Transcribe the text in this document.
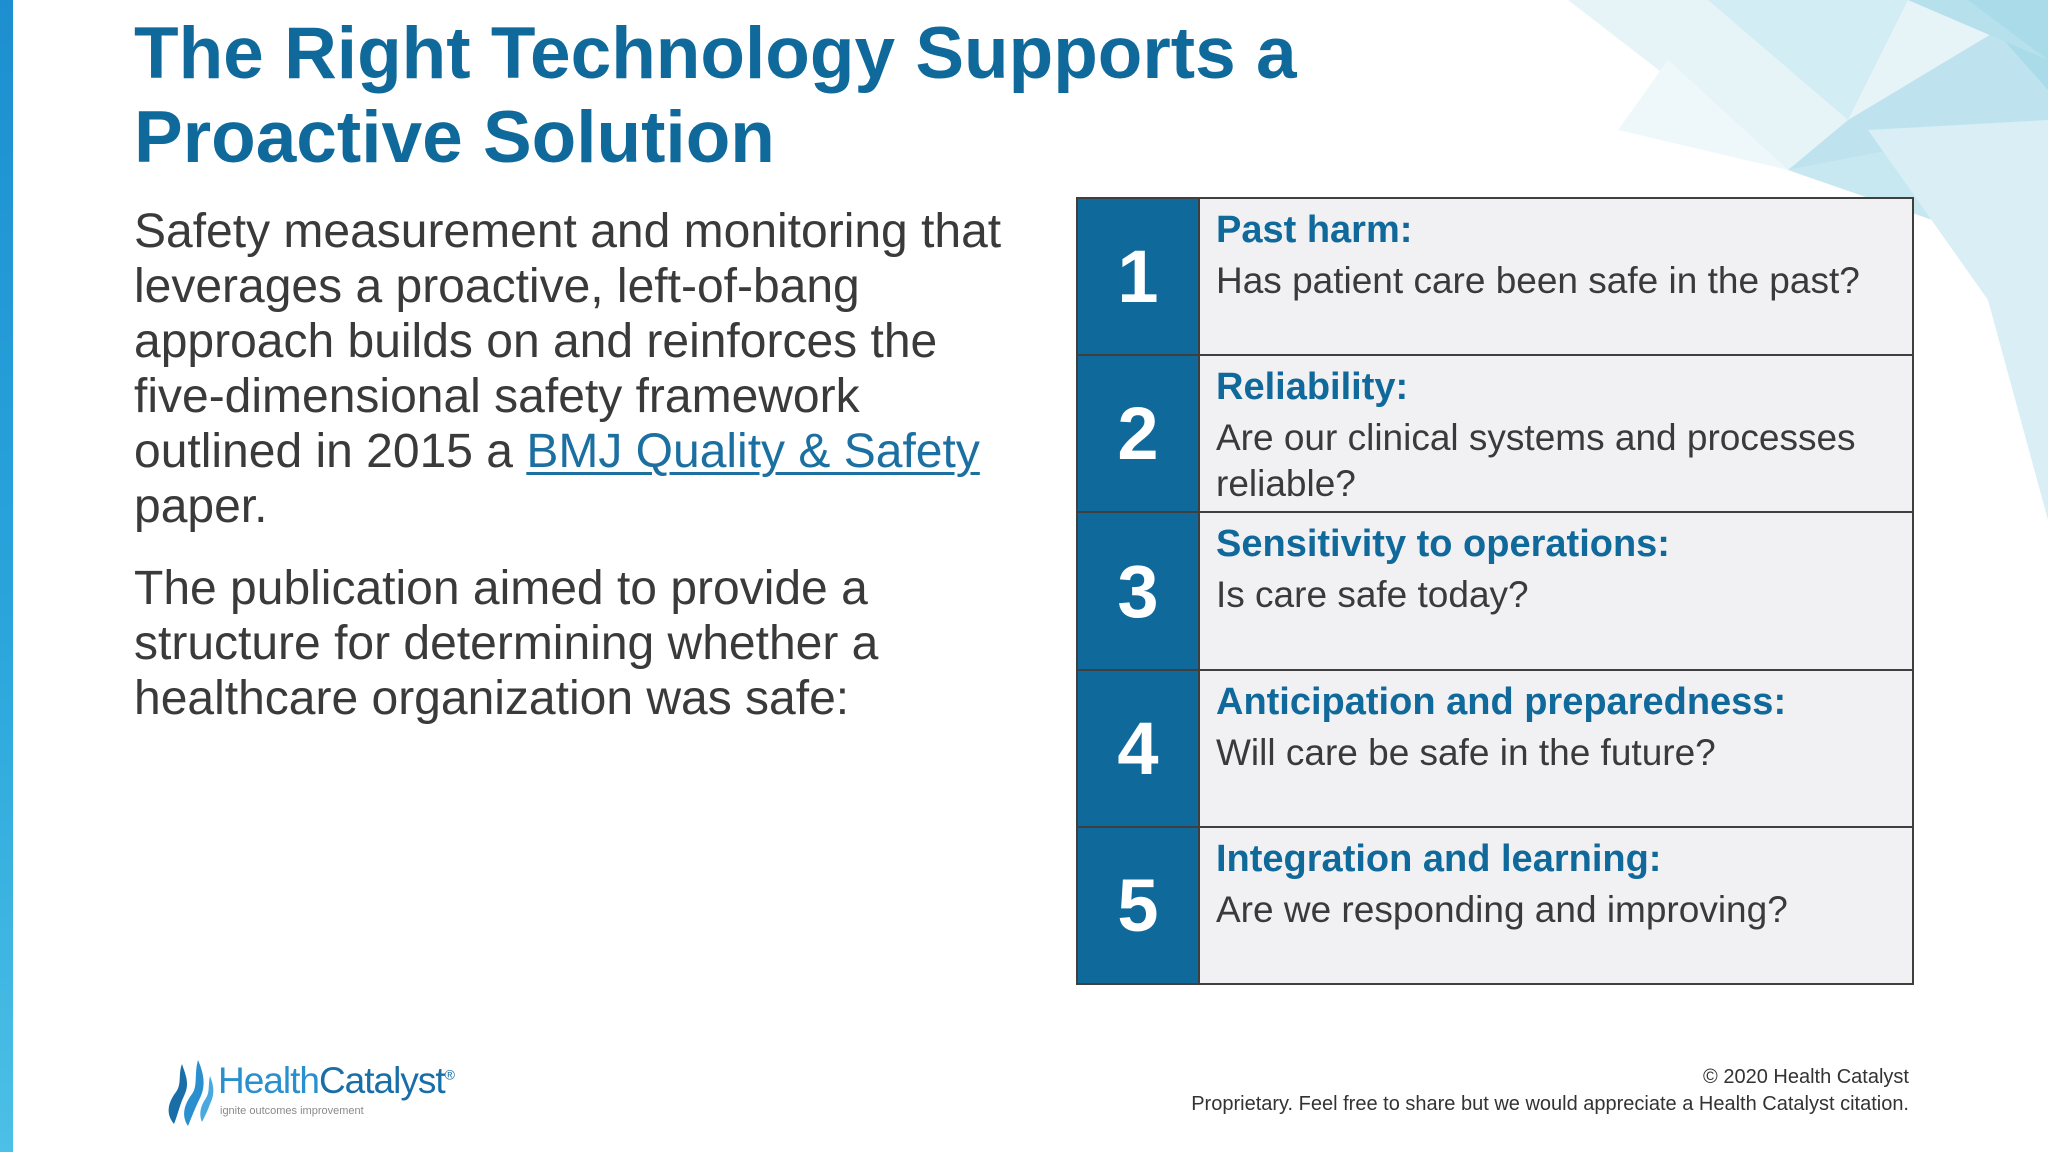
The Right Technology Supports a Proactive Solution

Safety measurement and monitoring that leverages a proactive, left-of-bang approach builds on and reinforces the five-dimensional safety framework outlined in 2015 a BMJ Quality & Safety paper.

The publication aimed to provide a structure for determining whether a healthcare organization was safe:

1
Past harm:
Has patient care been safe in the past?
2
Reliability:
Are our clinical systems and processes reliable?
3
Sensitivity to operations:
Is care safe today?
4
Anticipation and preparedness:
Will care be safe in the future?
5
Integration and learning:
Are we responding and improving?
HealthCatalyst®
ignite outcomes improvement
© 2020 Health Catalyst
Proprietary. Feel free to share but we would appreciate a Health Catalyst citation.
